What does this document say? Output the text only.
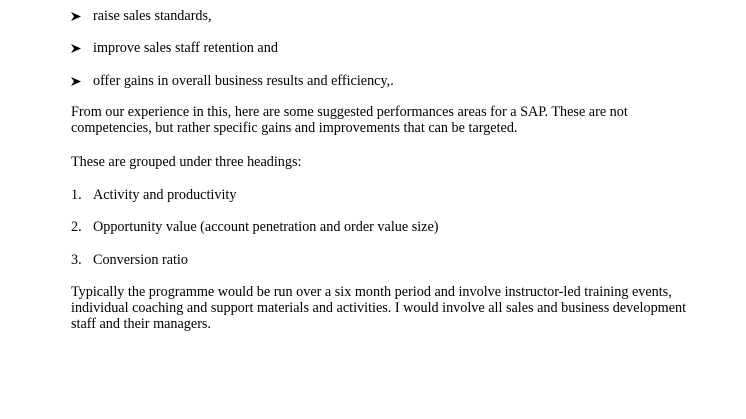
raise sales standards,
improve sales staff retention and
offer gains in overall business results and efficiency,.

From our experience in this, here are some suggested performances areas for a SAP. These are not competencies, but rather specific gains and improvements that can be targeted.

These are grouped under three headings:

1. Activity and productivity
2. Opportunity value (account penetration and order value size)
3. Conversion ratio

Typically the programme would be run over a six month period and involve instructor-led training events, individual coaching and support materials and activities. I would involve all sales and business development staff and their managers.
